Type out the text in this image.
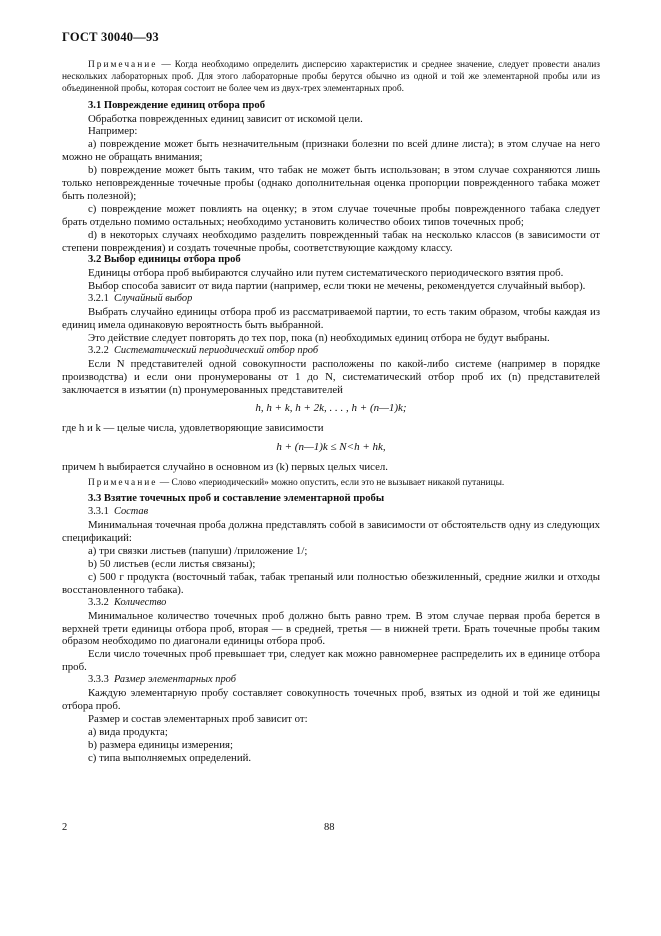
ГОСТ 30040—93

Примечание — Когда необходимо определить дисперсию характеристик и среднее значение, следует провести анализ нескольких лабораторных проб. Для этого лабораторные пробы берутся обычно из одной и той же элементарной пробы или из объединенной пробы, которая состоит не более чем из двух-трех элементарных проб.

3.1 Повреждение единиц отбора проб

Обработка поврежденных единиц зависит от искомой цели.

Например:

a) повреждение может быть незначительным (признаки болезни по всей длине листа); в этом случае на него можно не обращать внимания;

b) повреждение может быть таким, что табак не может быть использован; в этом случае сохраняются лишь только неповрежденные точечные пробы (однако дополнительная оценка пропорции поврежденного табака может быть полезной);

c) повреждение может повлиять на оценку; в этом случае точечные пробы поврежденного табака следует брать отдельно помимо остальных; необходимо установить количество обоих типов точечных проб;

d) в некоторых случаях необходимо разделить поврежденный табак на несколько классов (в зависимости от степени повреждения) и создать точечные пробы, соответствующие каждому классу.

3.2 Выбор единицы отбора проб

Единицы отбора проб выбираются случайно или путем систематического периодического взятия проб.

Выбор способа зависит от вида партии (например, если тюки не мечены, рекомендуется случайный выбор).

3.2.1 Случайный выбор

Выбрать случайно единицы отбора проб из рассматриваемой партии, то есть таким образом, чтобы каждая из единиц имела одинаковую вероятность быть выбранной.

Это действие следует повторять до тех пор, пока (n) необходимых единиц отбора не будут выбраны.

3.2.2 Систематический периодический отбор проб

Если N представителей одной совокупности расположены по какой-либо системе (например в порядке производства) и если они пронумерованы от 1 до N, систематический отбор проб их (n) представителей заключается в изъятии (n) пронумерованных представителей

h, h + k, h + 2k, . . . , h + (n—1)k;

где h и k — целые числа, удовлетворяющие зависимости

h + (n—1)k ≤ N<h + hk,

причем h выбирается случайно в основном из (k) первых целых чисел.

Примечание — Слово «периодический» можно опустить, если это не вызывает никакой путаницы.

3.3 Взятие точечных проб и составление элементарной пробы

3.3.1 Состав

Минимальная точечная проба должна представлять собой в зависимости от обстоятельств одну из следующих спецификаций:

a) три связки листьев (папуши) /приложение 1/;

b) 50 листьев (если листья связаны);

c) 500 г продукта (восточный табак, табак трепаный или полностью обезжиленный, средние жилки и отходы восстановленного табака).

3.3.2 Количество

Минимальное количество точечных проб должно быть равно трем. В этом случае первая проба берется в верхней трети единицы отбора проб, вторая — в средней, третья — в нижней трети. Брать точечные пробы таким образом необходимо по диагонали единицы отбора проб.

Если число точечных проб превышает три, следует как можно равномернее распределить их в единице отбора проб.

3.3.3 Размер элементарных проб

Каждую элементарную пробу составляет совокупность точечных проб, взятых из одной и той же единицы отбора проб.

Размер и состав элементарных проб зависит от:

a) вида продукта;

b) размера единицы измерения;

c) типа выполняемых определений.

2	88
